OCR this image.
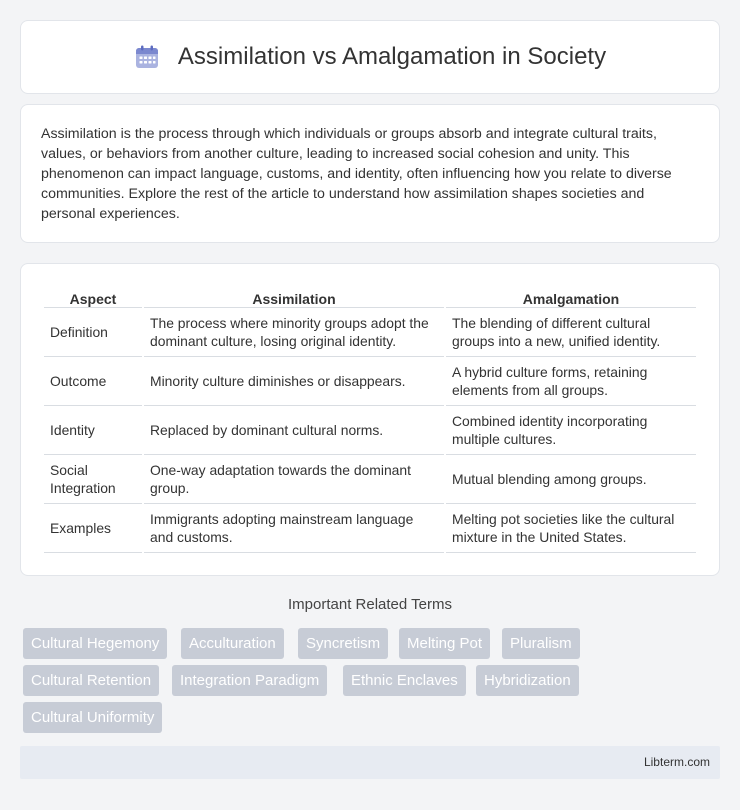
Assimilation vs Amalgamation in Society

Assimilation is the process through which individuals or groups absorb and integrate cultural traits, values, or behaviors from another culture, leading to increased social cohesion and unity. This phenomenon can impact language, customs, and identity, often influencing how you relate to diverse communities. Explore the rest of the article to understand how assimilation shapes societies and personal experiences.

Aspect	Assimilation	Amalgamation
Definition	The process where minority groups adopt the dominant culture, losing original identity.	The blending of different cultural groups into a new, unified identity.
Outcome	Minority culture diminishes or disappears.	A hybrid culture forms, retaining elements from all groups.
Identity	Replaced by dominant cultural norms.	Combined identity incorporating multiple cultures.
Social Integration	One-way adaptation towards the dominant group.	Mutual blending among groups.
Examples	Immigrants adopting mainstream language and customs.	Melting pot societies like the cultural mixture in the United States.
Important Related Terms
Cultural Hegemony	Acculturation	Syncretism	Melting Pot	Pluralism
Cultural Retention	Integration Paradigm	Ethnic Enclaves	Hybridization
Cultural Uniformity
Libterm.com
